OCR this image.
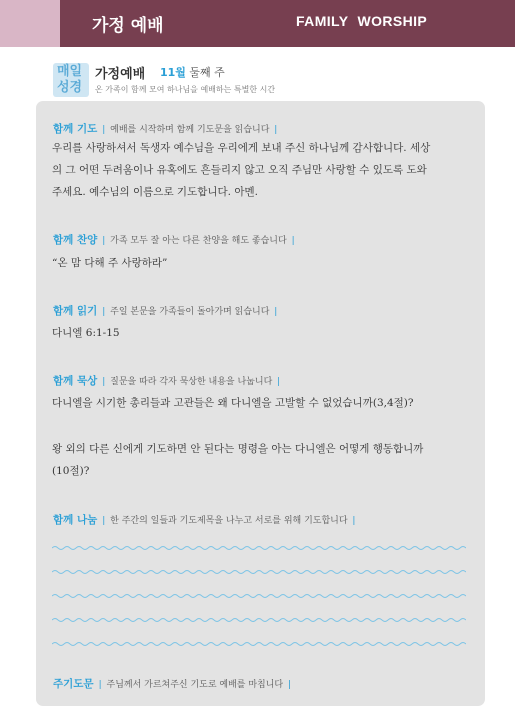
가정 예배	FAMILY WORSHIP
매일
성경
가정예배 11월 둘째 주
온 가족이 함께 모여 하나님을 예배하는 특별한 시간
함께 기도 | 예배를 시작하며 함께 기도문을 읽습니다 |
우리를 사랑하셔서 독생자 예수님을 우리에게 보내 주신 하나님께 감사합니다. 세상
의 그 어떤 두려움이나 유혹에도 흔들리지 않고 오직 주님만 사랑할 수 있도록 도와
주세요. 예수님의 이름으로 기도합니다. 아멘.
함께 찬양 | 가족 모두 잘 아는 다른 찬양을 해도 좋습니다 |
“온 맘 다해 주 사랑하라”
함께 읽기 | 주일 본문을 가족들이 돌아가며 읽습니다 |
다니엘 6:1-15
함께 묵상 | 질문을 따라 각자 묵상한 내용을 나눕니다 |
다니엘을 시기한 총리들과 고관들은 왜 다니엘을 고발할 수 없었습니까(3,4절)?
왕 외의 다른 신에게 기도하면 안 된다는 명령을 아는 다니엘은 어떻게 행동합니까
(10절)?
함께 나눔 | 한 주간의 일들과 기도제목을 나누고 서로를 위해 기도합니다 |
주기도문 | 주님께서 가르쳐주신 기도로 예배를 마칩니다 |
